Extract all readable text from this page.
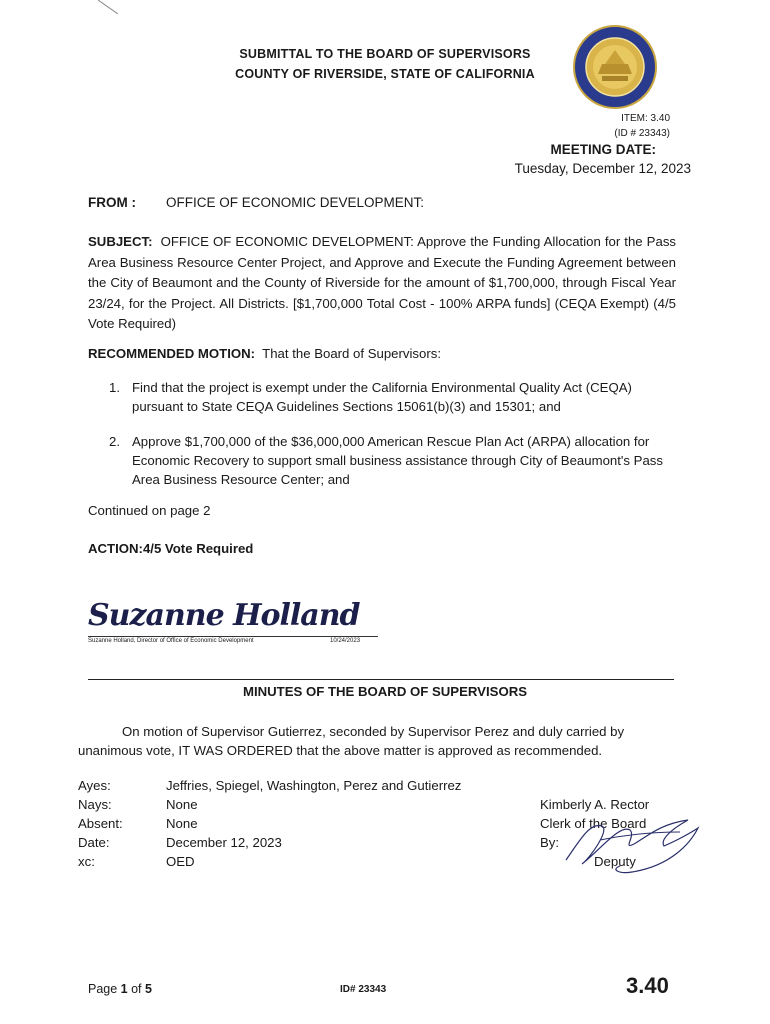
SUBMITTAL TO THE BOARD OF SUPERVISORS
COUNTY OF RIVERSIDE, STATE OF CALIFORNIA
ITEM: 3.40
(ID # 23343)
MEETING DATE:
Tuesday, December 12, 2023
FROM : OFFICE OF ECONOMIC DEVELOPMENT:
SUBJECT: OFFICE OF ECONOMIC DEVELOPMENT: Approve the Funding Allocation for the Pass Area Business Resource Center Project, and Approve and Execute the Funding Agreement between the City of Beaumont and the County of Riverside for the amount of $1,700,000, through Fiscal Year 23/24, for the Project. All Districts. [$1,700,000 Total Cost - 100% ARPA funds] (CEQA Exempt) (4/5 Vote Required)
RECOMMENDED MOTION: That the Board of Supervisors:
1. Find that the project is exempt under the California Environmental Quality Act (CEQA) pursuant to State CEQA Guidelines Sections 15061(b)(3) and 15301; and
2. Approve $1,700,000 of the $36,000,000 American Rescue Plan Act (ARPA) allocation for Economic Recovery to support small business assistance through City of Beaumont's Pass Area Business Resource Center; and
Continued on page 2
ACTION:4/5 Vote Required
Suzanne Holland
Suzanne Holland, Director of Office of Economic Development	10/24/2023
MINUTES OF THE BOARD OF SUPERVISORS
On motion of Supervisor Gutierrez, seconded by Supervisor Perez and duly carried by unanimous vote, IT WAS ORDERED that the above matter is approved as recommended.
Ayes:	Jeffries, Spiegel, Washington, Perez and Gutierrez
Nays:	None
Absent:	None
Date:	December 12, 2023
xc:	OED
Kimberly A. Rector
Clerk of the Board
By:
Deputy
Page 1 of 5	ID# 23343	3.40
